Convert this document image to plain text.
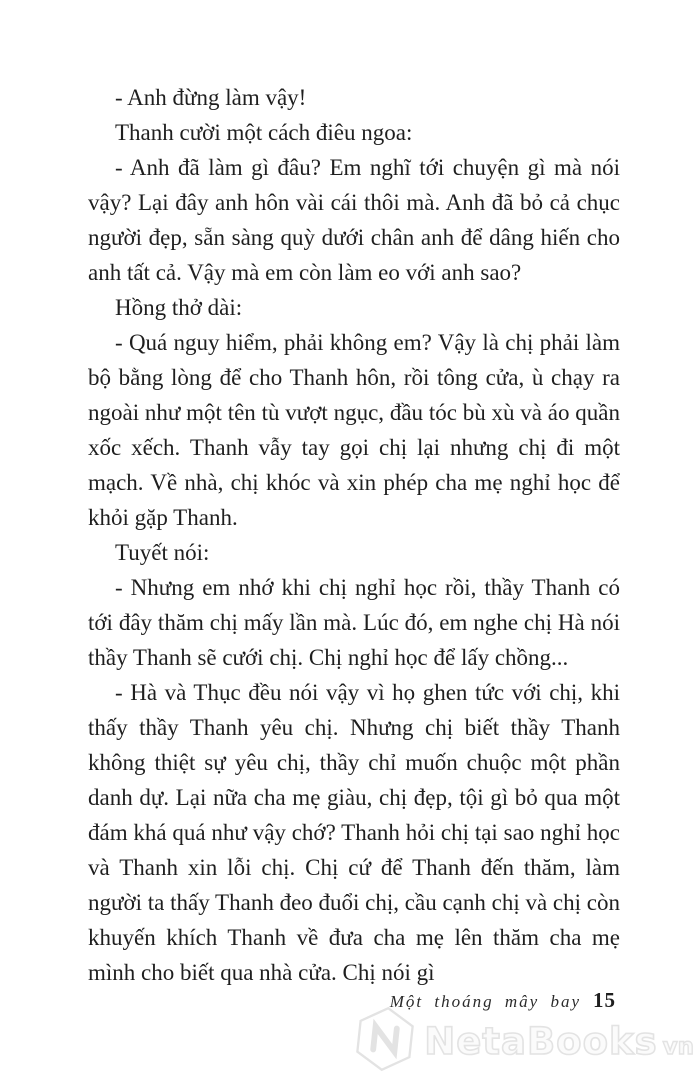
- Anh đừng làm vậy!

Thanh cười một cách điêu ngoa:

- Anh đã làm gì đâu? Em nghĩ tới chuyện gì mà nói vậy? Lại đây anh hôn vài cái thôi mà. Anh đã bỏ cả chục người đẹp, sẵn sàng quỳ dưới chân anh để dâng hiến cho anh tất cả. Vậy mà em còn làm eo với anh sao?

Hồng thở dài:

- Quá nguy hiểm, phải không em? Vậy là chị phải làm bộ bằng lòng để cho Thanh hôn, rồi tông cửa, ù chạy ra ngoài như một tên tù vượt ngục, đầu tóc bù xù và áo quần xốc xếch. Thanh vẫy tay gọi chị lại nhưng chị đi một mạch. Về nhà, chị khóc và xin phép cha mẹ nghỉ học để khỏi gặp Thanh.

Tuyết nói:

- Nhưng em nhớ khi chị nghỉ học rồi, thầy Thanh có tới đây thăm chị mấy lần mà. Lúc đó, em nghe chị Hà nói thầy Thanh sẽ cưới chị. Chị nghỉ học để lấy chồng...

- Hà và Thục đều nói vậy vì họ ghen tức với chị, khi thấy thầy Thanh yêu chị. Nhưng chị biết thầy Thanh không thiệt sự yêu chị, thầy chỉ muốn chuộc một phần danh dự. Lại nữa cha mẹ giàu, chị đẹp, tội gì bỏ qua một đám khá quá như vậy chớ? Thanh hỏi chị tại sao nghỉ học và Thanh xin lỗi chị. Chị cứ để Thanh đến thăm, làm người ta thấy Thanh đeo đuổi chị, cầu cạnh chị và chị còn khuyến khích Thanh về đưa cha mẹ lên thăm cha mẹ mình cho biết qua nhà cửa. Chị nói gì

Một thoáng mây bay 15
NetaBooks vn
